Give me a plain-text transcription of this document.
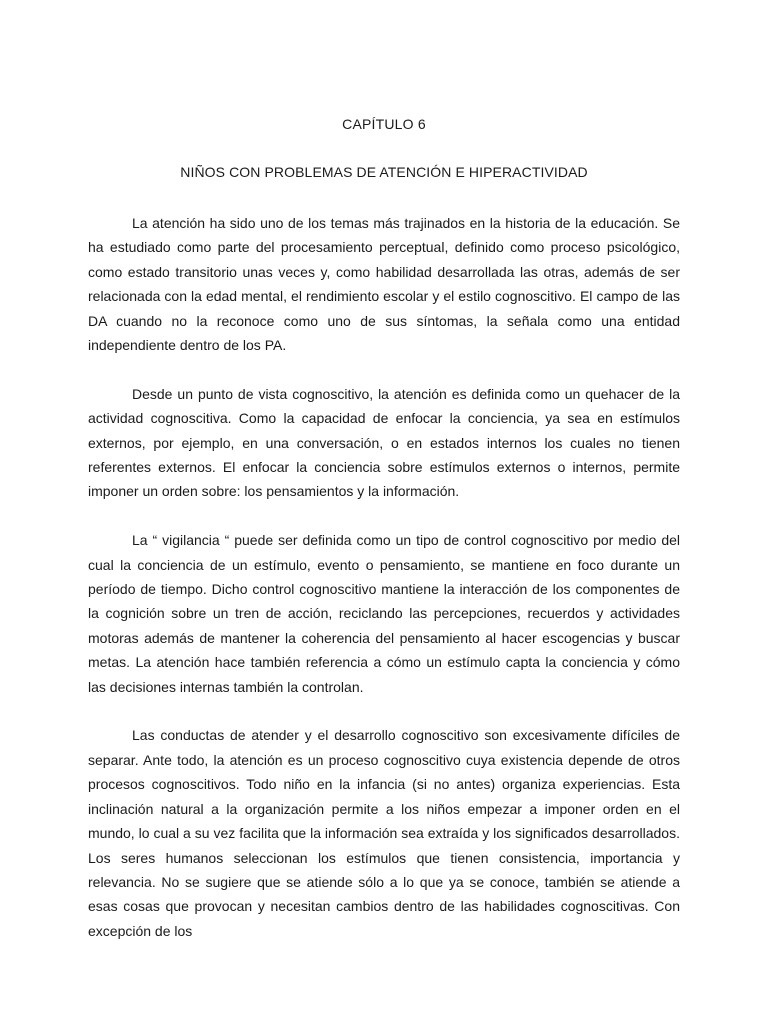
CAPÍTULO 6
NIÑOS CON PROBLEMAS DE ATENCIÓN E HIPERACTIVIDAD

La atención ha sido uno de los temas más trajinados en la historia de la educación. Se ha estudiado como parte del procesamiento perceptual, definido como proceso psicológico, como estado transitorio unas veces y, como habilidad desarrollada las otras, además de ser relacionada con la edad mental, el rendimiento escolar y el estilo cognoscitivo. El campo de las DA cuando no la reconoce como uno de sus síntomas, la señala como una entidad independiente dentro de los PA.

Desde un punto de vista cognoscitivo, la atención es definida como un quehacer de la actividad cognoscitiva. Como la capacidad de enfocar la conciencia, ya sea en estímulos externos, por ejemplo, en una conversación, o en estados internos los cuales no tienen referentes externos. El enfocar la conciencia sobre estímulos externos o internos, permite imponer un orden sobre: los pensamientos y la información.

La “ vigilancia “ puede ser definida como un tipo de control cognoscitivo por medio del cual la conciencia de un estímulo, evento o pensamiento, se mantiene en foco durante un período de tiempo. Dicho control cognoscitivo mantiene la interacción de los componentes de la cognición sobre un tren de acción, reciclando las percepciones, recuerdos y actividades motoras además de mantener la coherencia del pensamiento al hacer escogencias y buscar metas. La atención hace también referencia a cómo un estímulo capta la conciencia y cómo las decisiones internas también la controlan.

Las conductas de atender y el desarrollo cognoscitivo son excesivamente difíciles de separar. Ante todo, la atención es un proceso cognoscitivo cuya existencia depende de otros procesos cognoscitivos. Todo niño en la infancia (si no antes) organiza experiencias. Esta inclinación natural a la organización permite a los niños empezar a imponer orden en el mundo, lo cual a su vez facilita que la información sea extraída y los significados desarrollados. Los seres humanos seleccionan los estímulos que tienen consistencia, importancia y relevancia. No se sugiere que se atiende sólo a lo que ya se conoce, también se atiende a esas cosas que provocan y necesitan cambios dentro de las habilidades cognoscitivas. Con excepción de los
